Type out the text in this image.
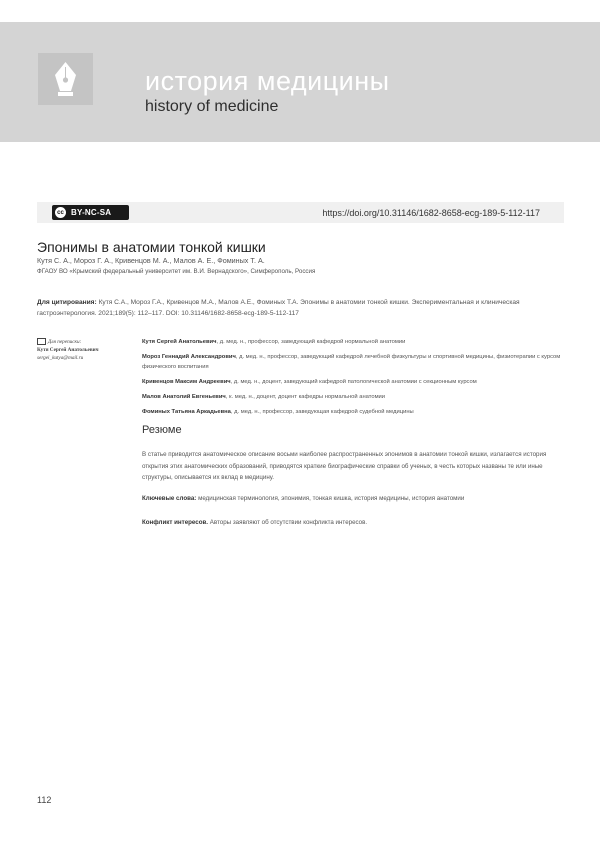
история медицины
history of medicine
cc BY-NC-SA	https://doi.org/10.31146/1682-8658-ecg-189-5-112-117
Эпонимы в анатомии тонкой кишки
Кутя С. А., Мороз Г. А., Кривенцов М. А., Малов А. Е., Фоминых Т. А.
ФГАОУ ВО «Крымский федеральный университет им. В.И. Вернадского», Симферополь, Россия
Для цитирования: Кутя С.А., Мороз Г.А., Кривенцов М.А., Малов А.Е., Фоминых Т.А. Эпонимы в анатомии тонкой кишки. Экспериментальная и клиническая гастроэнтерология. 2021;189(5): 112–117. DOI: 10.31146/1682-8658-ecg-189-5-112-117
Для переписки:
Кутя Сергей Анатольевич
sergei_kutya@mail.ru

Кутя Сергей Анатольевич, д. мед. н., профессор, заведующий кафедрой нормальной анатомии

Мороз Геннадий Александрович, д. мед. н., профессор, заведующий кафедрой лечебной физкультуры и спортивной медицины, физиотерапии с курсом физического воспитания

Кривенцов Максим Андреевич, д. мед. н., доцент, заведующий кафедрой патологической анатомии с секционным курсом

Малов Анатолий Евгеньевич, к. мед. н., доцент, доцент кафедры нормальной анатомии

Фоминых Татьяна Аркадьевна, д. мед. н., профессор, заведующая кафедрой судебной медицины

Резюме

В статье приводится анатомическое описание восьми наиболее распространенных эпонимов в анатомии тонкой кишки, излагается история открытия этих анатомических образований, приводятся краткие биографические справки об ученых, в честь которых названы те или иные структуры, описывается их вклад в медицину.

Ключевые слова: медицинская терминология, эпонимия, тонкая кишка, история медицины, история анатомии

Конфликт интересов. Авторы заявляют об отсутствии конфликта интересов.

112
